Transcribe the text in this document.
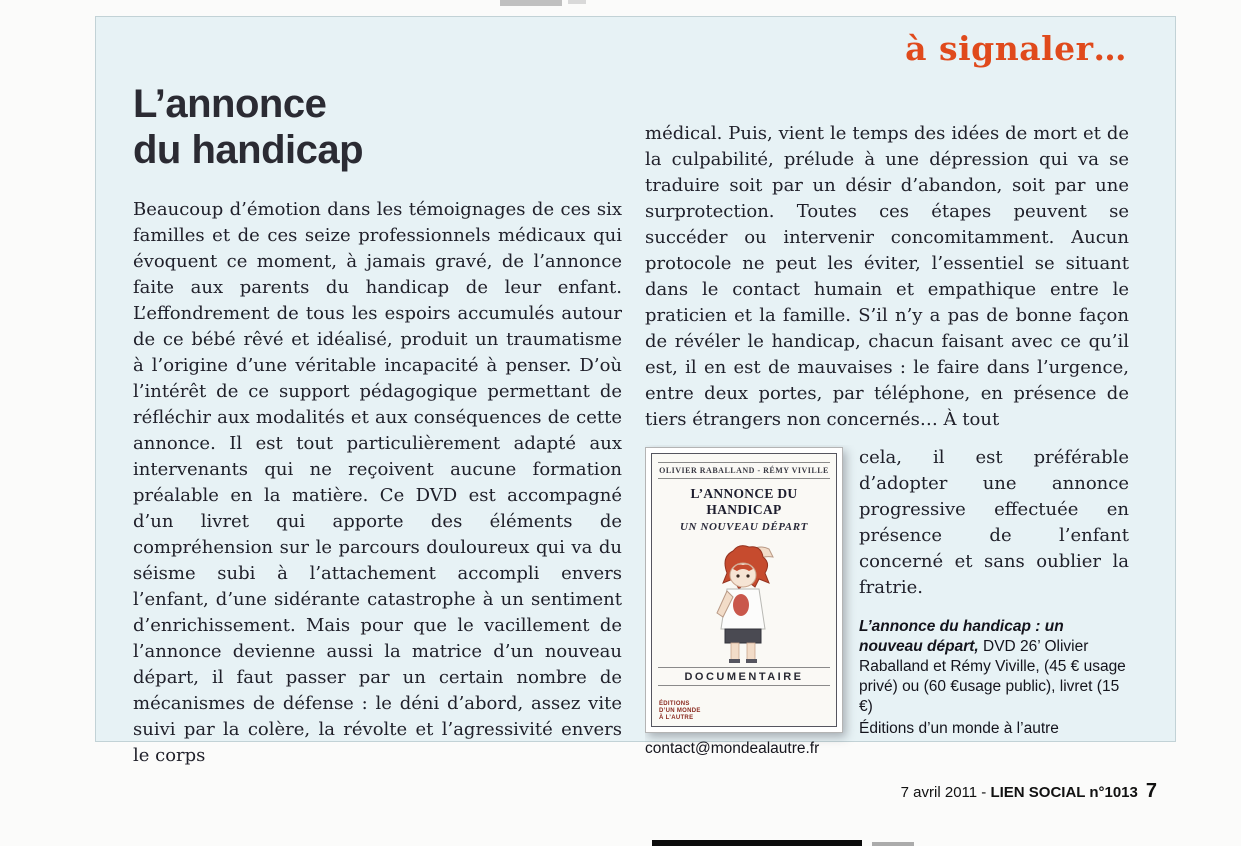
à signaler…
L’annonce
du handicap

Beaucoup d’émotion dans les témoignages de ces six familles et de ces seize professionnels médicaux qui évoquent ce moment, à jamais gravé, de l’annonce faite aux parents du handicap de leur enfant. L’effondrement de tous les espoirs accumulés autour de ce bébé rêvé et idéalisé, produit un traumatisme à l’origine d’une véritable incapacité à penser. D’où l’intérêt de ce support pédagogique permettant de réfléchir aux modalités et aux conséquences de cette annonce. Il est tout particulièrement adapté aux intervenants qui ne reçoivent aucune formation préalable en la matière. Ce DVD est accompagné d’un livret qui apporte des éléments de compréhension sur le parcours douloureux qui va du séisme subi à l’attachement accompli envers l’enfant, d’une sidérante catastrophe à un sentiment d’enrichissement. Mais pour que le vacillement de l’annonce devienne aussi la matrice d’un nouveau départ, il faut passer par un certain nombre de mécanismes de défense : le déni d’abord, assez vite suivi par la colère, la révolte et l’agressivité envers le corps

médical. Puis, vient le temps des idées de mort et de la culpabilité, prélude à une dépression qui va se traduire soit par un désir d’abandon, soit par une surprotection. Toutes ces étapes peuvent se succéder ou intervenir concomitamment. Aucun protocole ne peut les éviter, l’essentiel se situant dans le contact humain et empathique entre le praticien et la famille. S’il n’y a pas de bonne façon de révéler le handicap, chacun faisant avec ce qu’il est, il en est de mauvaises : le faire dans l’urgence, entre deux portes, par téléphone, en présence de tiers étrangers non concernés… À tout

OLIVIER RABALLAND - RÉMY VIVILLE
L’ANNONCE DU HANDICAP
UN NOUVEAU DÉPART
DOCUMENTAIRE
ÉDITIONS
D’UN MONDE
À L’AUTRE

cela, il est préférable d’adopter une annonce progressive effectuée en présence de l’enfant concerné et sans oublier la fratrie.

L’annonce du handicap : un nouveau départ, DVD 26’ Olivier Raballand et Rémy Viville, (45 € usage privé) ou (60 €usage public), livret (15 €)

Éditions d’un monde à l’autre
contact@mondealautre.fr
7 avril 2011 - LIEN SOCIAL n°1013 7
